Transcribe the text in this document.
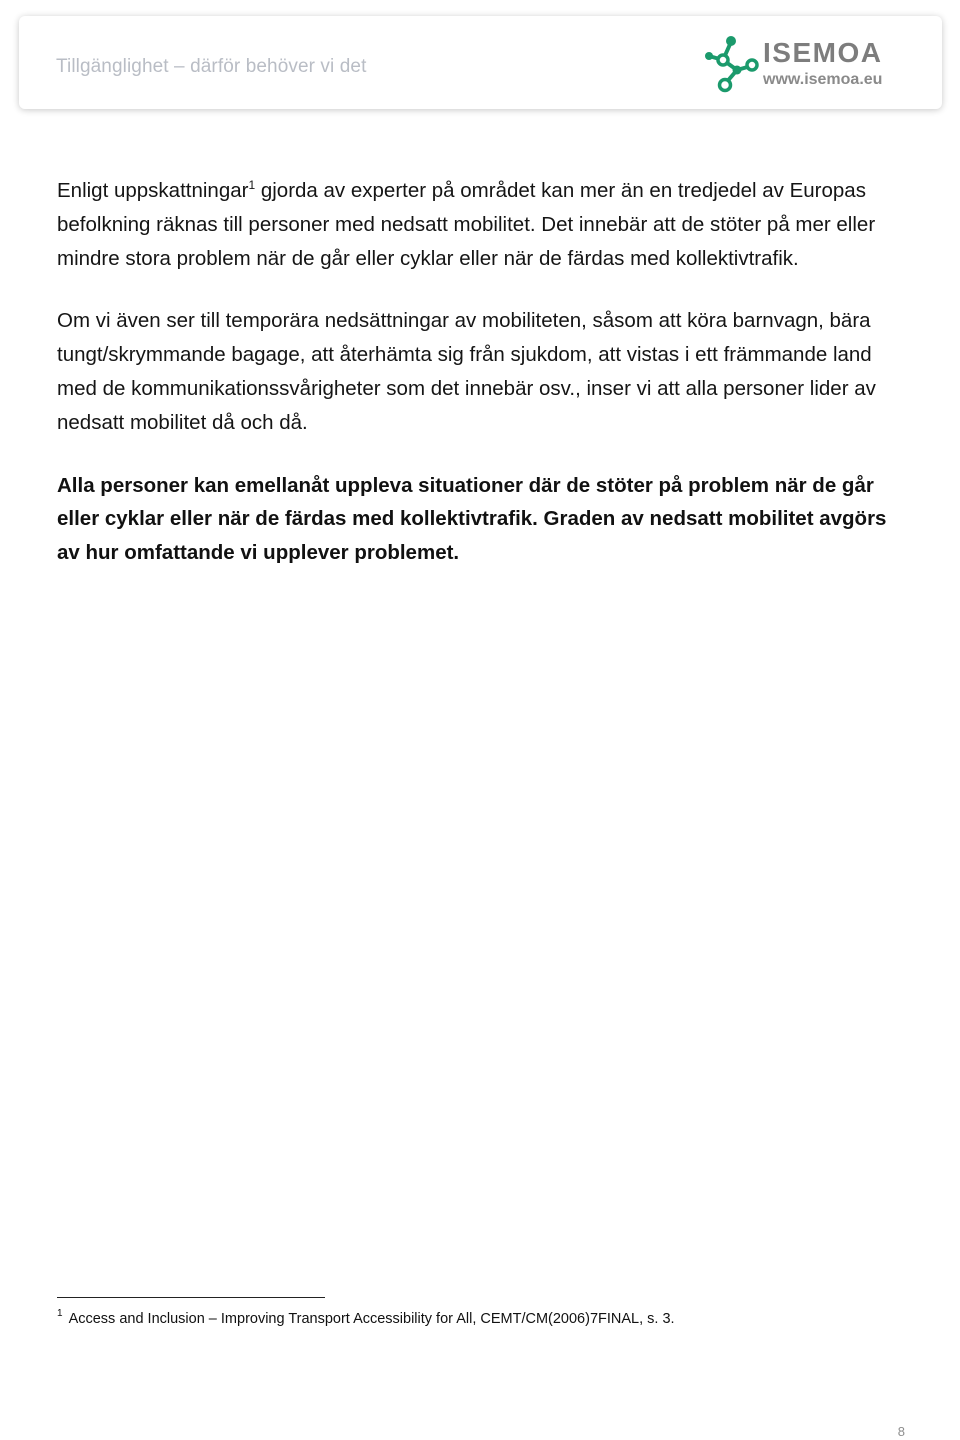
Tillgänglighet – därför behöver vi det	ISEMOA
www.isemoa.eu

Enligt uppskattningar$^1$ gjorda av experter på området kan mer än en tredjedel av Europas befolkning räknas till personer med nedsatt mobilitet. Det innebär att de stöter på mer eller mindre stora problem när de går eller cyklar eller när de färdas med kollektivtrafik.

Om vi även ser till temporära nedsättningar av mobiliteten, såsom att köra barnvagn, bära tungt/skrymmande bagage, att återhämta sig från sjukdom, att vistas i ett främmande land med de kommunikationssvårigheter som det innebär osv., inser vi att alla personer lider av nedsatt mobilitet då och då.

Alla personer kan emellanåt uppleva situationer där de stöter på problem när de går eller cyklar eller när de färdas med kollektivtrafik. Graden av nedsatt mobilitet avgörs av hur omfattande vi upplever problemet.

$^1$ Access and Inclusion – Improving Transport Accessibility for All, CEMT/CM(2006)7FINAL, s. 3.
8
